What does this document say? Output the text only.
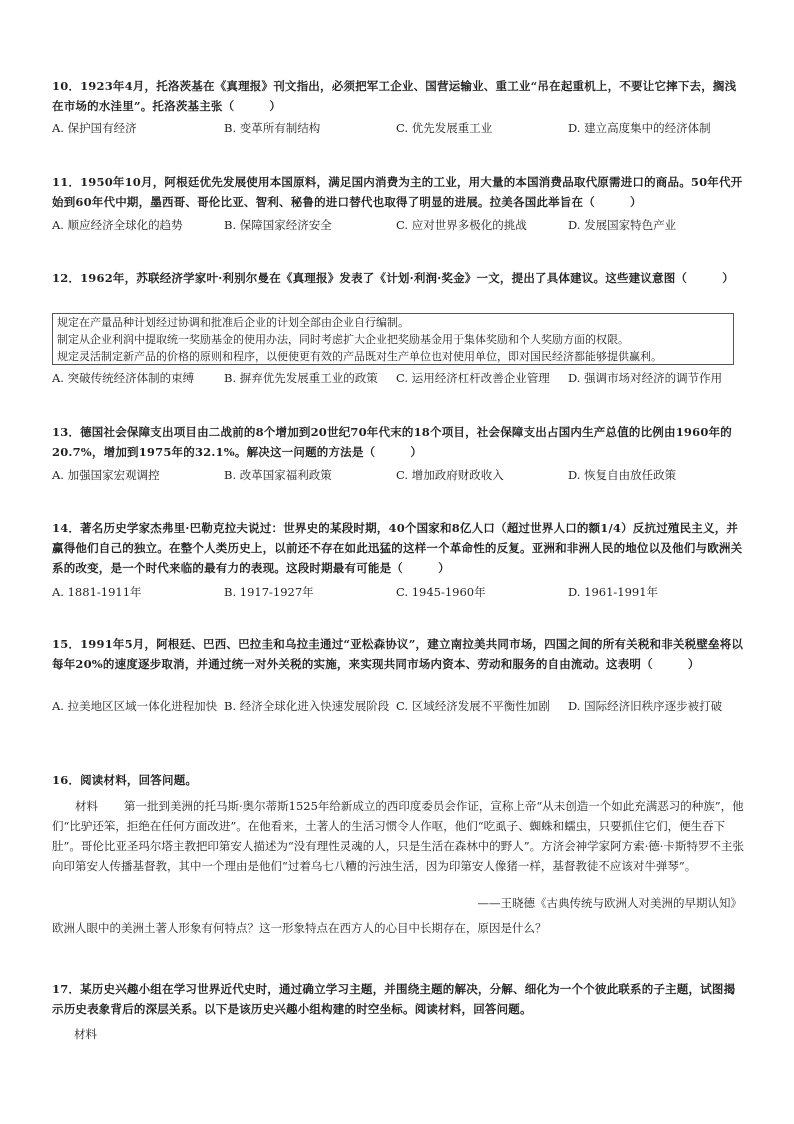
10．1923年4月，托洛茨基在《真理报》刊文指出，必须把军工企业、国营运输业、重工业“吊在起重机上，不要让它摔下去，搁浅在市场的水洼里”。托洛茨基主张（　　　）
A. 保护国有经济	B. 变革所有制结构	C. 优先发展重工业	D. 建立高度集中的经济体制
11．1950年10月，阿根廷优先发展使用本国原料，满足国内消费为主的工业，用大量的本国消费品取代原需进口的商品。50年代开始到60年代中期，墨西哥、哥伦比亚、智利、秘鲁的进口替代也取得了明显的进展。拉美各国此举旨在（　　　）
A. 顺应经济全球化的趋势	B. 保障国家经济安全	C. 应对世界多极化的挑战	D. 发展国家特色产业
12．1962年，苏联经济学家叶·利别尔曼在《真理报》发表了《计划·利润·奖金》一文，提出了具体建议。这些建议意图（　　　）
规定在产量品种计划经过协调和批准后企业的计划全部由企业自行编制。
制定从企业利润中提取统一奖励基金的使用办法，同时考虑扩大企业把奖励基金用于集体奖励和个人奖励方面的权限。
规定灵活制定新产品的价格的原则和程序，以便使更有效的产品既对生产单位也对使用单位，即对国民经济都能够提供赢利。
A. 突破传统经济体制的束缚	B. 摒弃优先发展重工业的政策 C. 运用经济杠杆改善企业管理 D. 强调市场对经济的调节作用
13．德国社会保障支出项目由二战前的8个增加到20世纪70年代末的18个项目，社会保障支出占国内生产总值的比例由1960年的20.7%，增加到1975年的32.1%。解决这一问题的方法是（　　　）
A. 加强国家宏观调控	B. 改革国家福利政策	C. 增加政府财政收入	D. 恢复自由放任政策
14．著名历史学家杰弗里·巴勒克拉夫说过：世界史的某段时期，40个国家和8亿人口（超过世界人口的额1/4）反抗过殖民主义，并赢得他们自己的独立。在整个人类历史上，以前还不存在如此迅猛的这样一个革命性的反复。亚洲和非洲人民的地位以及他们与欧洲关系的改变，是一个时代来临的最有力的表现。这段时期最有可能是（　　　）
A. 1881-1911年	B. 1917-1927年	C. 1945-1960年	D. 1961-1991年
15．1991年5月，阿根廷、巴西、巴拉圭和乌拉圭通过“亚松森协议”，建立南拉美共同市场，四国之间的所有关税和非关税壁垒将以每年20%的速度逐步取消，并通过统一对外关税的实施，来实现共同市场内资本、劳动和服务的自由流动。这表明（　　　）
A. 拉美地区区域一体化进程加快 B. 经济全球化进入快速发展阶段 C. 区域经济发展不平衡性加剧	D. 国际经济旧秩序逐步被打破
16．阅读材料，回答问题。
材料 第一批到美洲的托马斯·奥尔蒂斯1525年给新成立的西印度委员会作证，宣称上帝“从未创造一个如此充满恶习的种族”，他们“比驴还笨，拒绝在任何方面改进”。在他看来，土著人的生活习惯令人作呕，他们“吃虱子、蜘蛛和蠕虫，只要抓住它们，便生吞下肚”。哥伦比亚圣玛尔塔主教把印第安人描述为“没有理性灵魂的人，只是生活在森林中的野人”。方济会神学家阿方索·德·卡斯特罗不主张向印第安人传播基督教，其中一个理由是他们“过着乌七八糟的污浊生活，因为印第安人像猪一样，基督教徒不应该对牛弹琴”。
——王晓德《古典传统与欧洲人对美洲的早期认知》
欧洲人眼中的美洲土著人形象有何特点？这一形象特点在西方人的心目中长期存在，原因是什么？
17．某历史兴趣小组在学习世界近代史时，通过确立学习主题，并围绕主题的解决，分解、细化为一个个彼此联系的子主题，试图揭示历史表象背后的深层关系。以下是该历史兴趣小组构建的时空坐标。阅读材料，回答问题。
材料
